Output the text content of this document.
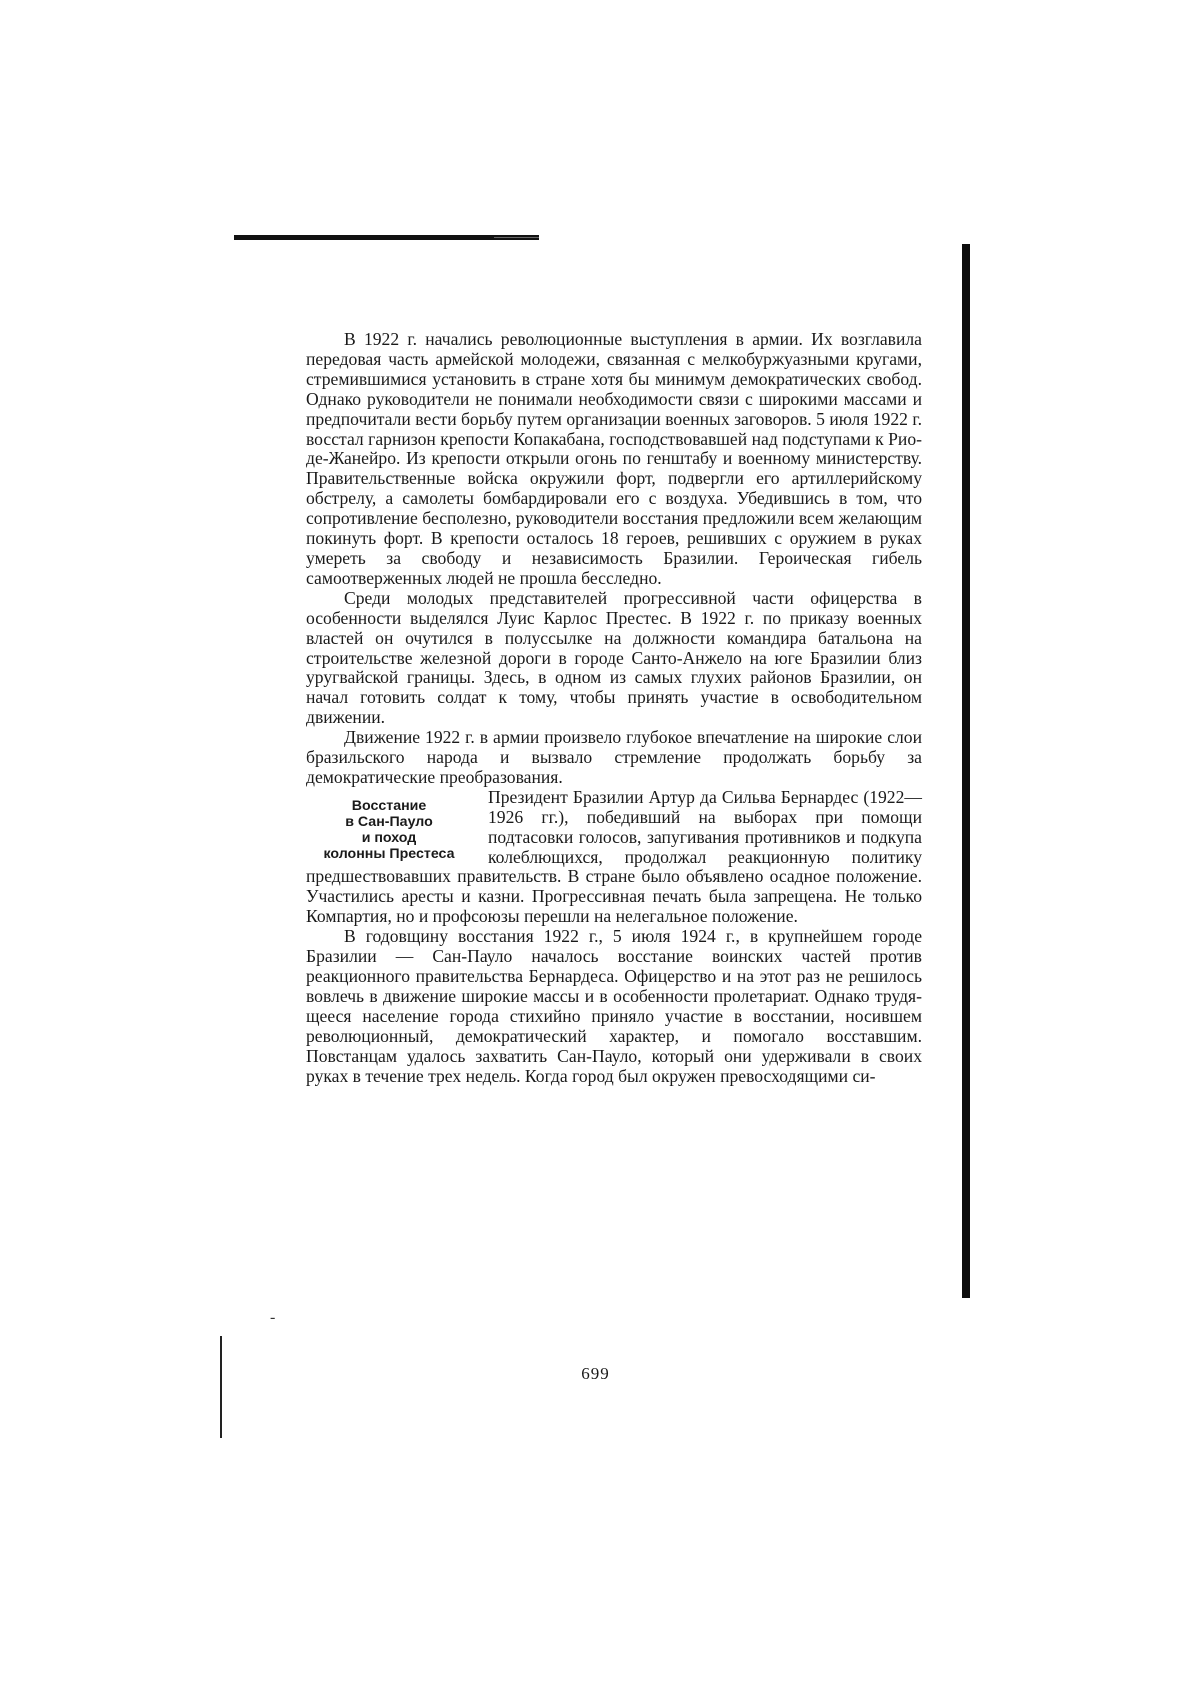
-

В 1922 г. начались революционные выступления в армии. Их возглавила передовая часть армейской молодежи, связанная с мелкобуржуазными кругами, стремившимися установить в стране хотя бы минимум демократических свобод. Однако руководители не понимали необходимости связи с широкими массами и предпочитали вести борьбу путем организации военных заговоров. 5 июля 1922 г. восстал гарнизон крепости Копакабана, господствовавшей над подступами к Рио-де-Жанейро. Из крепости открыли огонь по генштабу и военному министерству. Правительственные войска окружили форт, подвергли его артиллерийскому обстрелу, а самолеты бомбардировали его с воздуха. Убедившись в том, что сопротивление бесполезно, руководители восстания предложили всем желающим покинуть форт. В крепости осталось 18 героев, решивших с оружием в руках умереть за свободу и независимость Бразилии. Героическая гибель самоотверженных людей не прошла бесследно.

Среди молодых представителей прогрессивной части офицерства в особенности выделялся Луис Карлос Престес. В 1922 г. по приказу военных властей он очутился в полуссылке на должности командира батальона на строительстве железной дороги в городе Санто-Анжело на юге Бразилии близ уругвайской границы. Здесь, в одном из самых глухих районов Бразилии, он начал готовить солдат к тому, чтобы принять участие в освободительном движении.

Движение 1922 г. в армии произвело глубокое впечатление на широкие слои бразильского народа и вызвало стремление продолжать борьбу за демократические преобразования.

Восстание
в Сан-Пауло
и поход
колонны Престеса

Президент Бразилии Артур да Сильва Бернардес (1922—1926 гг.), победивший на выборах при помощи подтасовки голосов, запугивания противников и подкупа колеблющихся, продолжал реакционную политику предшествовавших правительств. В стране было объявлено осадное положение. Участились аресты и казни. Прогрессивная печать была запрещена. Не только Компартия, но и профсоюзы перешли на нелегальное положение.

В годовщину восстания 1922 г., 5 июля 1924 г., в крупнейшем городе Бразилии — Сан-Пауло началось восстание воинских частей против реакционного правительства Бернардеса. Офицерство и на этот раз не решилось вовлечь в движение широкие массы и в особенности пролетариат. Однако трудящееся население города стихийно приняло участие в восстании, носившем революционный, демократический характер, и помогало восставшим. Повстанцам удалось захватить Сан-Пауло, который они удерживали в своих руках в течение трех недель. Когда город был окружен превосходящими си-

699
